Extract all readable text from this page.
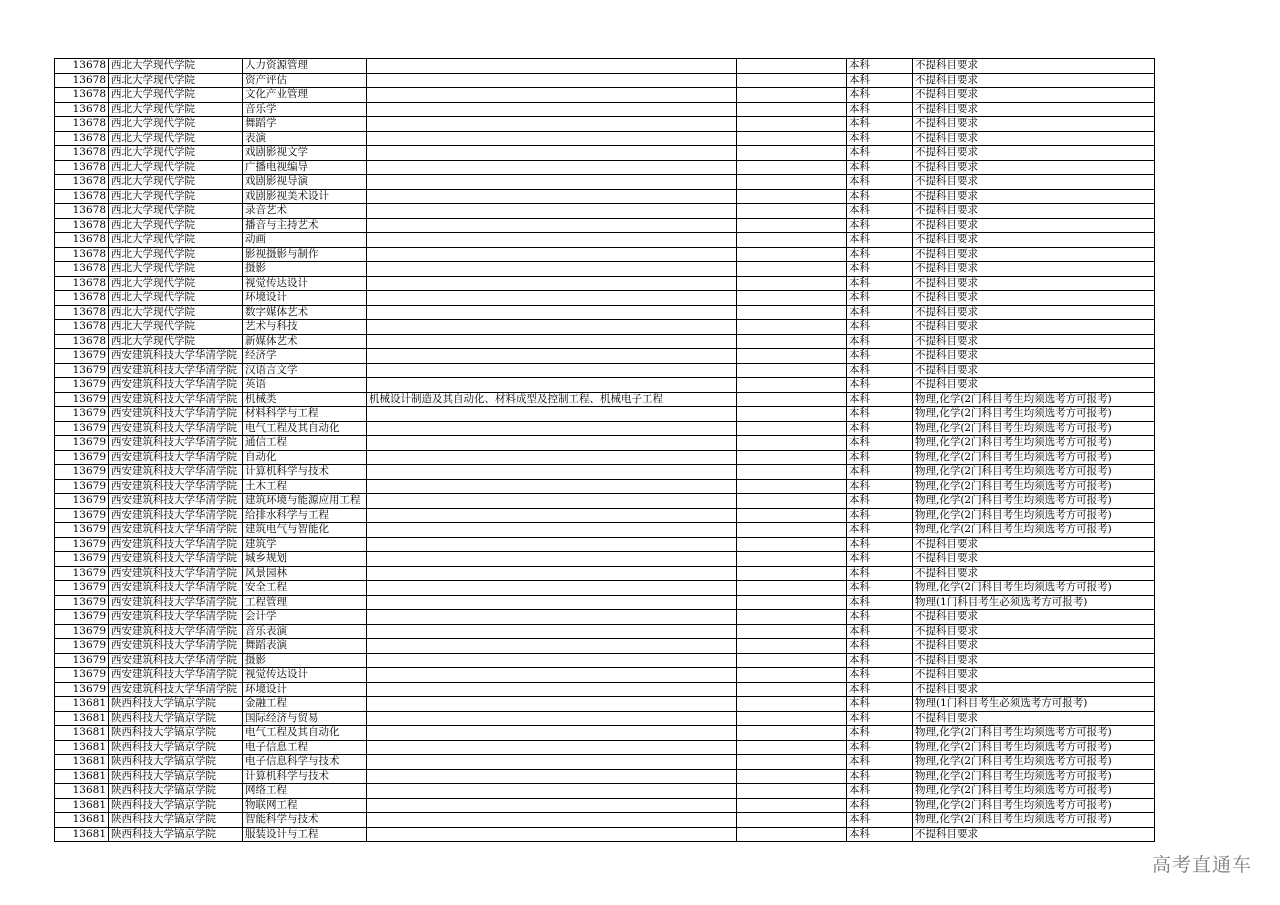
13678	西北大学现代学院	人力资源管理			本科	不提科目要求
13678	西北大学现代学院	资产评估			本科	不提科目要求
13678	西北大学现代学院	文化产业管理			本科	不提科目要求
13678	西北大学现代学院	音乐学			本科	不提科目要求
13678	西北大学现代学院	舞蹈学			本科	不提科目要求
13678	西北大学现代学院	表演			本科	不提科目要求
13678	西北大学现代学院	戏剧影视文学			本科	不提科目要求
13678	西北大学现代学院	广播电视编导			本科	不提科目要求
13678	西北大学现代学院	戏剧影视导演			本科	不提科目要求
13678	西北大学现代学院	戏剧影视美术设计			本科	不提科目要求
13678	西北大学现代学院	录音艺术			本科	不提科目要求
13678	西北大学现代学院	播音与主持艺术			本科	不提科目要求
13678	西北大学现代学院	动画			本科	不提科目要求
13678	西北大学现代学院	影视摄影与制作			本科	不提科目要求
13678	西北大学现代学院	摄影			本科	不提科目要求
13678	西北大学现代学院	视觉传达设计			本科	不提科目要求
13678	西北大学现代学院	环境设计			本科	不提科目要求
13678	西北大学现代学院	数字媒体艺术			本科	不提科目要求
13678	西北大学现代学院	艺术与科技			本科	不提科目要求
13678	西北大学现代学院	新媒体艺术			本科	不提科目要求
13679	西安建筑科技大学华清学院	经济学			本科	不提科目要求
13679	西安建筑科技大学华清学院	汉语言文学			本科	不提科目要求
13679	西安建筑科技大学华清学院	英语			本科	不提科目要求
13679	西安建筑科技大学华清学院	机械类	机械设计制造及其自动化、材料成型及控制工程、机械电子工程		本科	物理,化学(2门科目考生均须选考方可报考)
13679	西安建筑科技大学华清学院	材料科学与工程			本科	物理,化学(2门科目考生均须选考方可报考)
13679	西安建筑科技大学华清学院	电气工程及其自动化			本科	物理,化学(2门科目考生均须选考方可报考)
13679	西安建筑科技大学华清学院	通信工程			本科	物理,化学(2门科目考生均须选考方可报考)
13679	西安建筑科技大学华清学院	自动化			本科	物理,化学(2门科目考生均须选考方可报考)
13679	西安建筑科技大学华清学院	计算机科学与技术			本科	物理,化学(2门科目考生均须选考方可报考)
13679	西安建筑科技大学华清学院	土木工程			本科	物理,化学(2门科目考生均须选考方可报考)
13679	西安建筑科技大学华清学院	建筑环境与能源应用工程			本科	物理,化学(2门科目考生均须选考方可报考)
13679	西安建筑科技大学华清学院	给排水科学与工程			本科	物理,化学(2门科目考生均须选考方可报考)
13679	西安建筑科技大学华清学院	建筑电气与智能化			本科	物理,化学(2门科目考生均须选考方可报考)
13679	西安建筑科技大学华清学院	建筑学			本科	不提科目要求
13679	西安建筑科技大学华清学院	城乡规划			本科	不提科目要求
13679	西安建筑科技大学华清学院	风景园林			本科	不提科目要求
13679	西安建筑科技大学华清学院	安全工程			本科	物理,化学(2门科目考生均须选考方可报考)
13679	西安建筑科技大学华清学院	工程管理			本科	物理(1门科目考生必须选考方可报考)
13679	西安建筑科技大学华清学院	会计学			本科	不提科目要求
13679	西安建筑科技大学华清学院	音乐表演			本科	不提科目要求
13679	西安建筑科技大学华清学院	舞蹈表演			本科	不提科目要求
13679	西安建筑科技大学华清学院	摄影			本科	不提科目要求
13679	西安建筑科技大学华清学院	视觉传达设计			本科	不提科目要求
13679	西安建筑科技大学华清学院	环境设计			本科	不提科目要求
13681	陕西科技大学镐京学院	金融工程			本科	物理(1门科目考生必须选考方可报考)
13681	陕西科技大学镐京学院	国际经济与贸易			本科	不提科目要求
13681	陕西科技大学镐京学院	电气工程及其自动化			本科	物理,化学(2门科目考生均须选考方可报考)
13681	陕西科技大学镐京学院	电子信息工程			本科	物理,化学(2门科目考生均须选考方可报考)
13681	陕西科技大学镐京学院	电子信息科学与技术			本科	物理,化学(2门科目考生均须选考方可报考)
13681	陕西科技大学镐京学院	计算机科学与技术			本科	物理,化学(2门科目考生均须选考方可报考)
13681	陕西科技大学镐京学院	网络工程			本科	物理,化学(2门科目考生均须选考方可报考)
13681	陕西科技大学镐京学院	物联网工程			本科	物理,化学(2门科目考生均须选考方可报考)
13681	陕西科技大学镐京学院	智能科学与技术			本科	物理,化学(2门科目考生均须选考方可报考)
13681	陕西科技大学镐京学院	服装设计与工程			本科	不提科目要求
高考直通车
